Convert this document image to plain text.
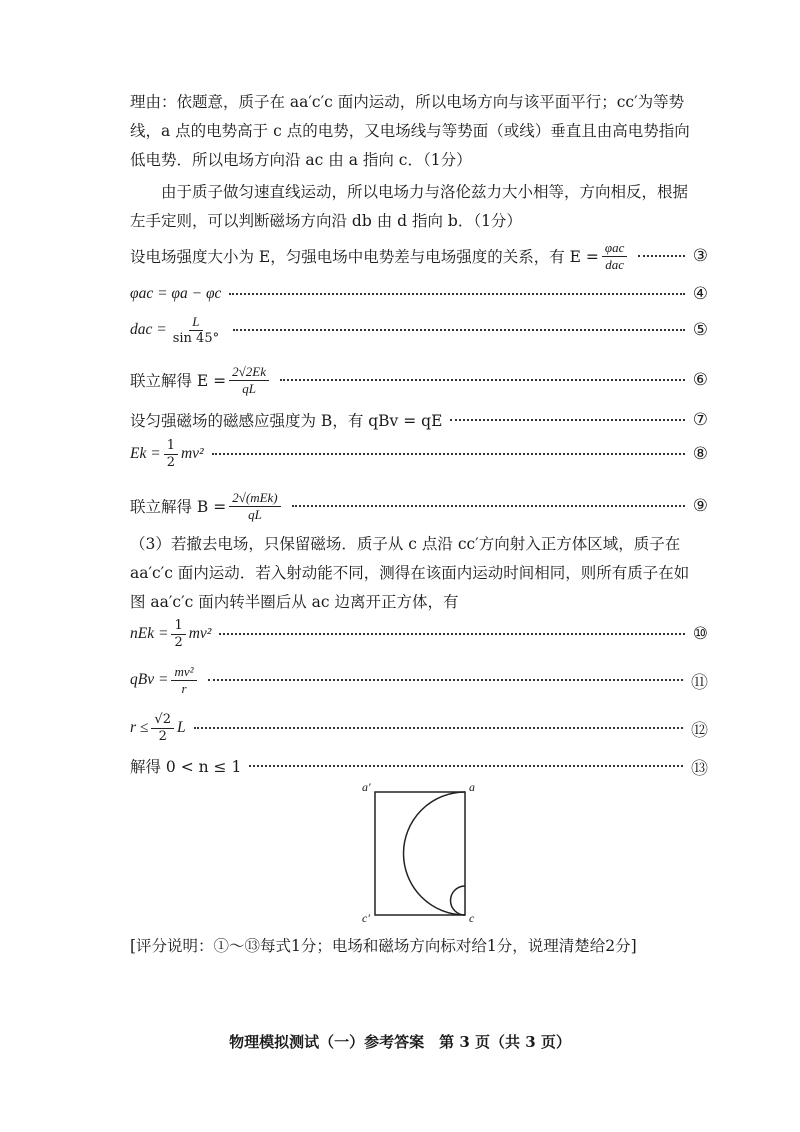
理由：依题意，质子在 aa′c′c 面内运动，所以电场方向与该平面平行；cc′为等势线，a 点的电势高于 c 点的电势，又电场线与等势面（或线）垂直且由高电势指向低电势．所以电场方向沿 ac 由 a 指向 c．（1分）
　　由于质子做匀速直线运动，所以电场力与洛伦兹力大小相等，方向相反，根据左手定则，可以判断磁场方向沿 db 由 d 指向 b．（1分）
设电场强度大小为 E，匀强电场中电势差与电场强度的关系，有 $E = \frac{\text{φac}}{\text{dac}}$	③
φac = φa − φc	④
dac = $\frac{L}{\sin 45^\circ}$	⑤
联立解得 $E = \frac{2√2Ek}{qL}$	⑥
设匀强磁场的磁感应强度为 B，有 qBv = qE	⑦
$Ek = \frac{1}{2} mv^2$	⑧
联立解得 $B = \frac{\text{2√(mEk)}}{qL}$	⑨
（3）若撤去电场，只保留磁场．质子从 c 点沿 cc′方向射入正方体区域，质子在 aa′c′c 面内运动．若入射动能不同，测得在该面内运动时间相同，则所有质子在如图 aa′c′c 面内转半圈后从 ac 边离开正方体，有
nEk = $\frac{1}{2} mv^2$	⑩
qBv = $\frac{\text{mv²}}{r}$	⑪
$r \le \frac{√2}{2}$ L	⑫
解得 0 < n ≤ 1	⑬
a′	a
c′	c
[评分说明：①～⑬每式1分；电场和磁场方向标对给1分，说理清楚给2分]
物理模拟测试（一）参考答案　第 3 页（共 3 页）
